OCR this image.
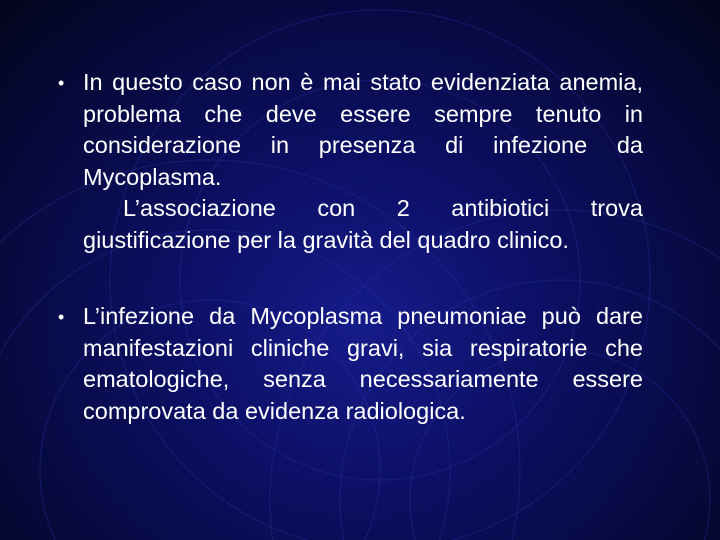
• In questo caso non è mai stato evidenziata anemia, problema che deve essere sempre tenuto in considerazione in presenza di infezione da Mycoplasma.

L’associazione con 2 antibiotici trova giustificazione per la gravità del quadro clinico.

• L’infezione da Mycoplasma pneumoniae può dare manifestazioni cliniche gravi, sia respiratorie che ematologiche, senza necessariamente essere comprovata da evidenza radiologica.
